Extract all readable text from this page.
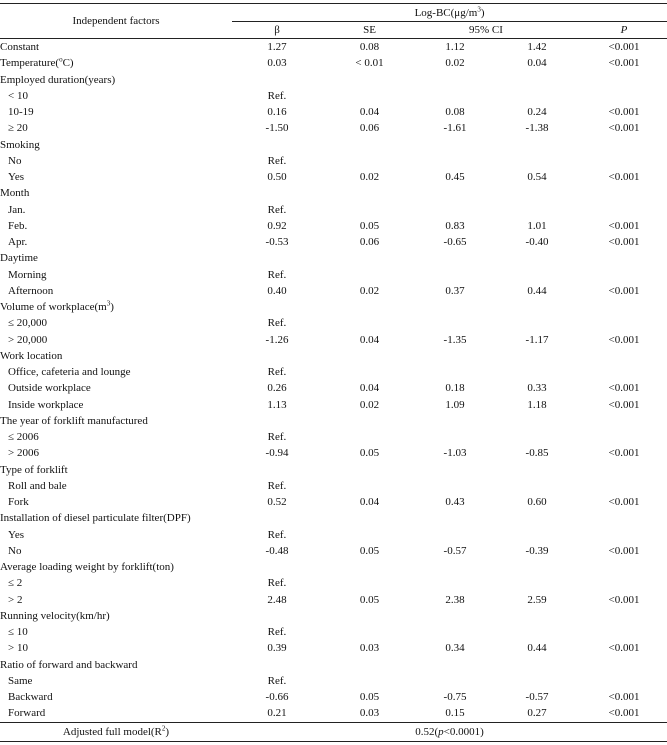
Independent factors	Log-$BC(\mu g/m^3)$				
	β	SE	95% CI		P
Constant	1.27	0.08	1.12	1.42	<0.001
Temperature($^o$C)	0.03	< 0.01	0.02	0.04	<0.001
Employed duration(years)					
< 10	Ref.				
10-19	0.16	0.04	0.08	0.24	<0.001
≥ 20	-1.50	0.06	-1.61	-1.38	<0.001
Smoking					
No	Ref.				
Yes	0.50	0.02	0.45	0.54	<0.001
Month					
Jan.	Ref.				
Feb.	0.92	0.05	0.83	1.01	<0.001
Apr.	-0.53	0.06	-0.65	-0.40	<0.001
Daytime					
Morning	Ref.				
Afternoon	0.40	0.02	0.37	0.44	<0.001
Volume of $workplace(m^3)$					
≤ 20,000	Ref.				
> 20,000	-1.26	0.04	-1.35	-1.17	<0.001
Work location					
Office, cafeteria and lounge	Ref.				
Outside workplace	0.26	0.04	0.18	0.33	<0.001
Inside workplace	1.13	0.02	1.09	1.18	<0.001
The year of forklift manufactured					
≤ 2006	Ref.				
> 2006	-0.94	0.05	-1.03	-0.85	<0.001
Type of forklift					
Roll and bale	Ref.				
Fork	0.52	0.04	0.43	0.60	<0.001
Installation of diesel particulate filter(DPF)					
Yes	Ref.				
No	-0.48	0.05	-0.57	-0.39	<0.001
Average loading weight by forklift(ton)					
≤ 2	Ref.				
> 2	2.48	0.05	2.38	2.59	<0.001
Running velocity(km/hr)					
≤ 10	Ref.				
> 10	0.39	0.03	0.34	0.44	<0.001
Ratio of forward and backward					
Same	Ref.				
Backward	-0.66	0.05	-0.75	-0.57	<0.001
Forward	0.21	0.03	0.15	0.27	<0.001
Adjusted full $model(R^2)$	0.52(p<0.0001)				
